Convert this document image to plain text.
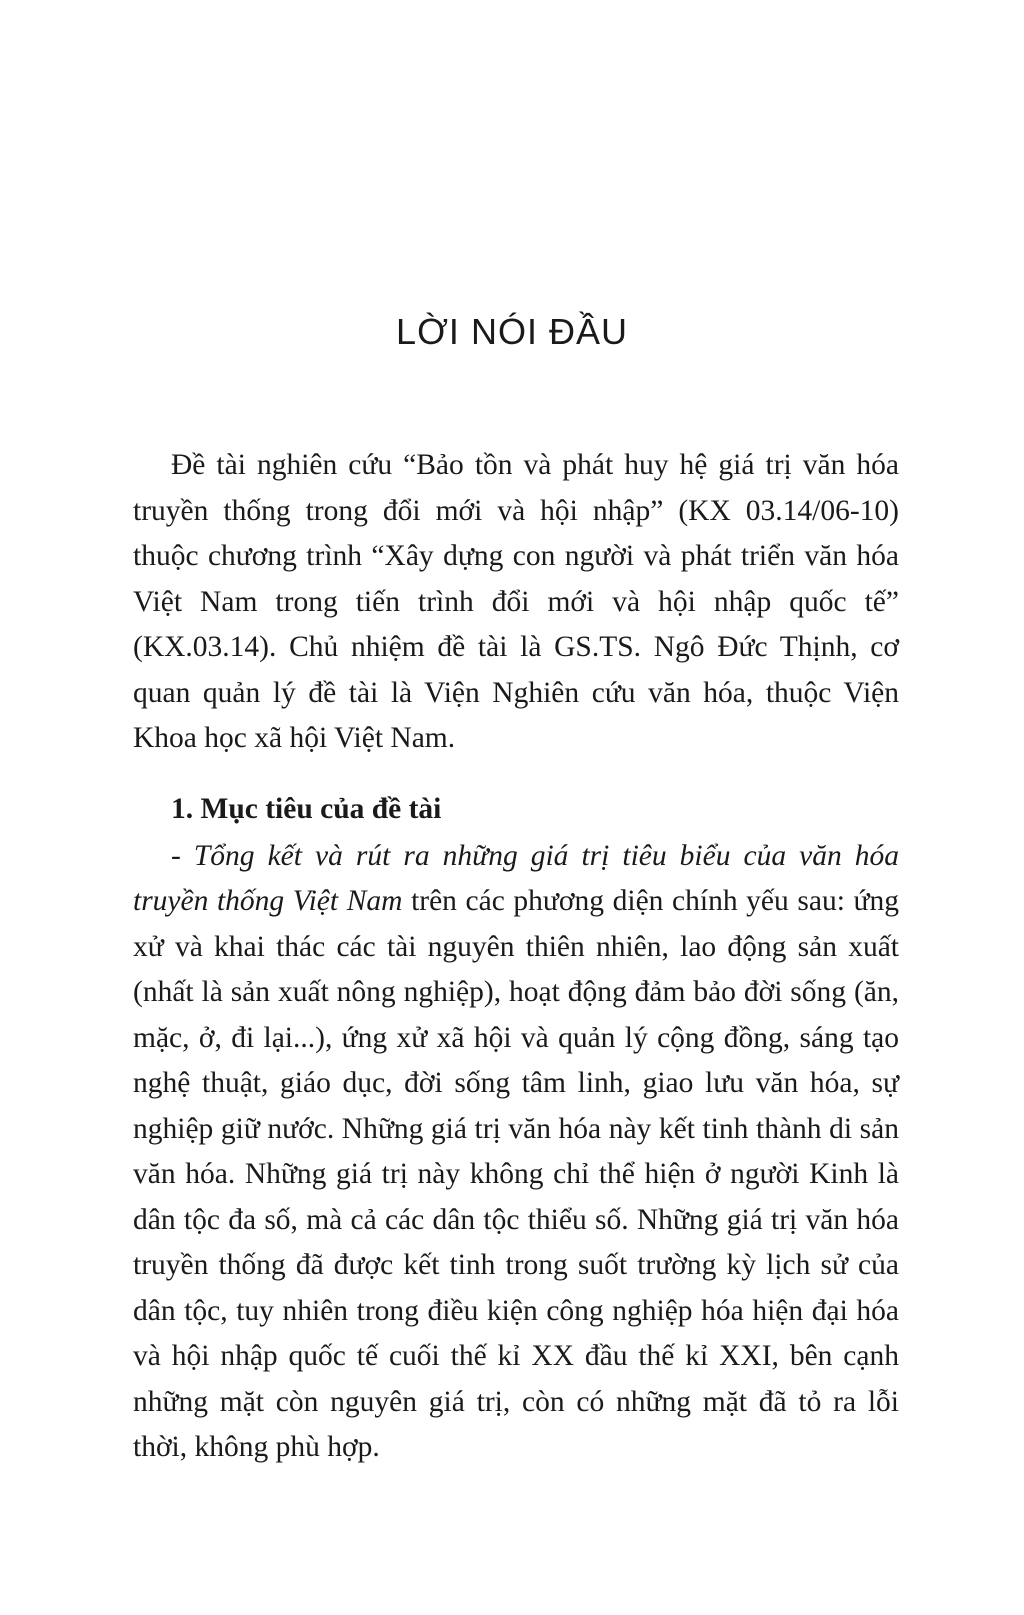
LỜI NÓI ĐẦU

Đề tài nghiên cứu “Bảo tồn và phát huy hệ giá trị văn hóa truyền thống trong đổi mới và hội nhập” (KX 03.14/06-10) thuộc chương trình “Xây dựng con người và phát triển văn hóa Việt Nam trong tiến trình đổi mới và hội nhập quốc tế” (KX.03.14). Chủ nhiệm đề tài là GS.TS. Ngô Đức Thịnh, cơ quan quản lý đề tài là Viện Nghiên cứu văn hóa, thuộc Viện Khoa học xã hội Việt Nam.

1. Mục tiêu của đề tài

- Tổng kết và rút ra những giá trị tiêu biểu của văn hóa truyền thống Việt Nam trên các phương diện chính yếu sau: ứng xử và khai thác các tài nguyên thiên nhiên, lao động sản xuất (nhất là sản xuất nông nghiệp), hoạt động đảm bảo đời sống (ăn, mặc, ở, đi lại...), ứng xử xã hội và quản lý cộng đồng, sáng tạo nghệ thuật, giáo dục, đời sống tâm linh, giao lưu văn hóa, sự nghiệp giữ nước. Những giá trị văn hóa này kết tinh thành di sản văn hóa. Những giá trị này không chỉ thể hiện ở người Kinh là dân tộc đa số, mà cả các dân tộc thiểu số. Những giá trị văn hóa truyền thống đã được kết tinh trong suốt trường kỳ lịch sử của dân tộc, tuy nhiên trong điều kiện công nghiệp hóa hiện đại hóa và hội nhập quốc tế cuối thế kỉ XX đầu thế kỉ XXI, bên cạnh những mặt còn nguyên giá trị, còn có những mặt đã tỏ ra lỗi thời, không phù hợp.
